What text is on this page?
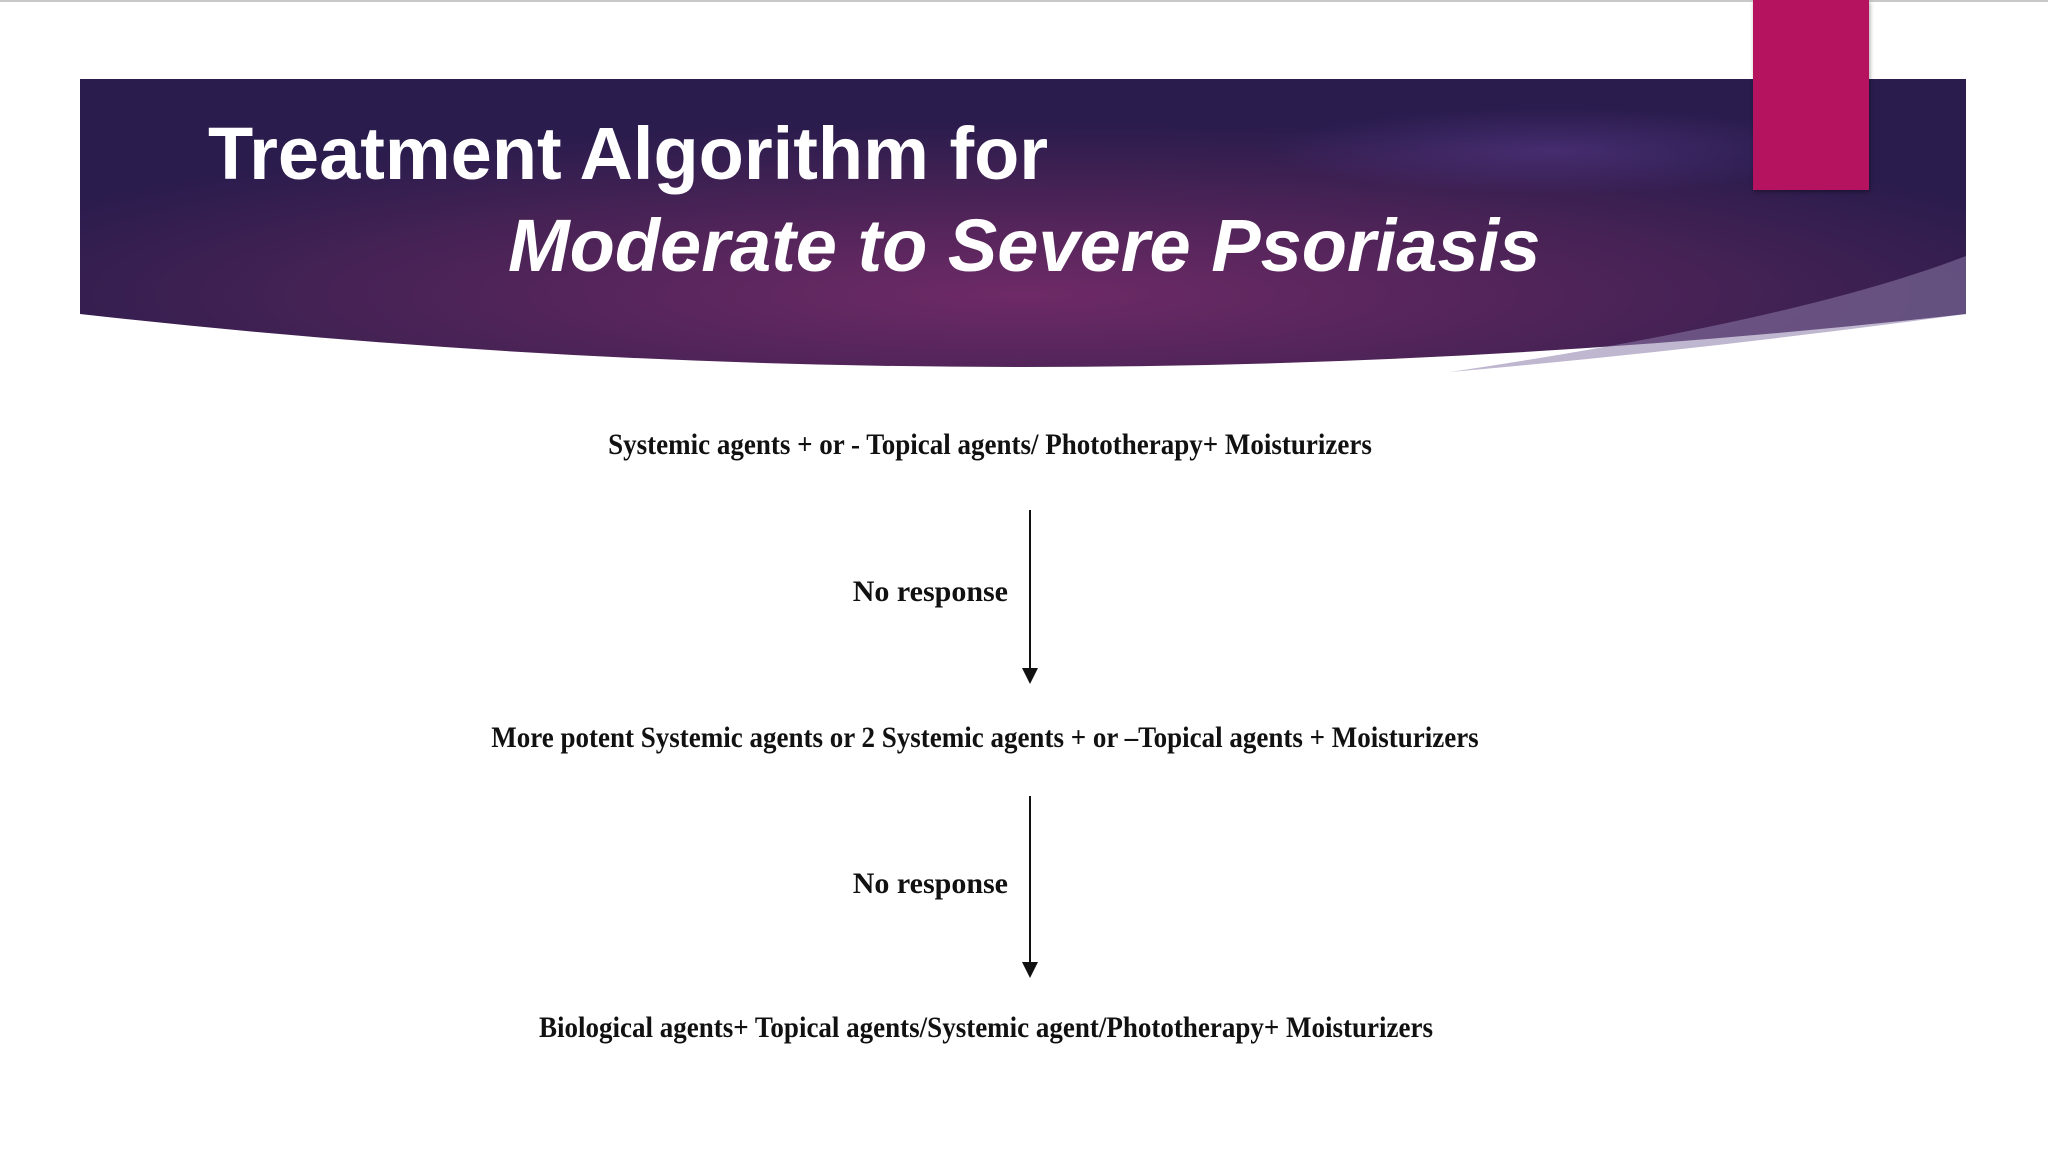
Treatment Algorithm for
Moderate to Severe Psoriasis
Systemic agents + or - Topical agents/ Phototherapy+ Moisturizers
No response
More potent Systemic agents or 2 Systemic agents + or –Topical agents + Moisturizers
No response
Biological agents+ Topical agents/Systemic agent/Phototherapy+ Moisturizers
